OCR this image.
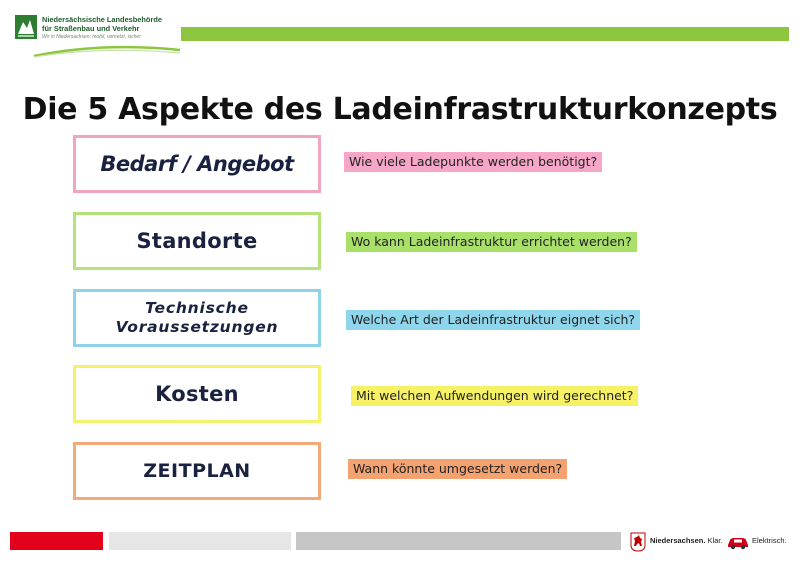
Niedersächsische Landesbehörde
für Straßenbau und Verkehr
Wir in Niedersachsen: mobil, vernetzt, sicher
Die 5 Aspekte des Ladeinfrastrukturkonzepts
Bedarf / Angebot	Wie viele Ladepunkte werden benötigt?
Standorte	Wo kann Ladeinfrastruktur errichtet werden?
Technische
Voraussetzungen	Welche Art der Ladeinfrastruktur eignet sich?
Kosten	Mit welchen Aufwendungen wird gerechnet?
ZEITPLAN	Wann könnte umgesetzt werden?
Niedersachsen. Klar.	Elektrisch.
